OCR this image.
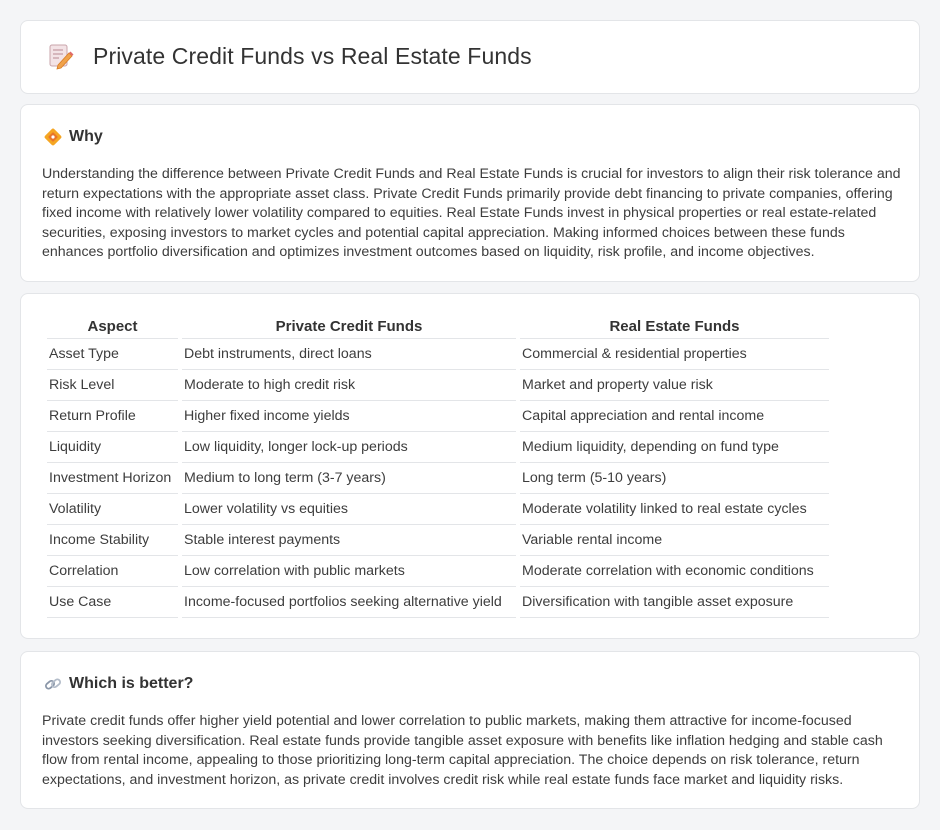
Private Credit Funds vs Real Estate Funds
Why

Understanding the difference between Private Credit Funds and Real Estate Funds is crucial for investors to align their risk tolerance and return expectations with the appropriate asset class. Private Credit Funds primarily provide debt financing to private companies, offering fixed income with relatively lower volatility compared to equities. Real Estate Funds invest in physical properties or real estate-related securities, exposing investors to market cycles and potential capital appreciation. Making informed choices between these funds enhances portfolio diversification and optimizes investment outcomes based on liquidity, risk profile, and income objectives.

Aspect	Private Credit Funds	Real Estate Funds
Asset Type	Debt instruments, direct loans	Commercial & residential properties
Risk Level	Moderate to high credit risk	Market and property value risk
Return Profile	Higher fixed income yields	Capital appreciation and rental income
Liquidity	Low liquidity, longer lock-up periods	Medium liquidity, depending on fund type
Investment Horizon	Medium to long term (3-7 years)	Long term (5-10 years)
Volatility	Lower volatility vs equities	Moderate volatility linked to real estate cycles
Income Stability	Stable interest payments	Variable rental income
Correlation	Low correlation with public markets	Moderate correlation with economic conditions
Use Case	Income-focused portfolios seeking alternative yield	Diversification with tangible asset exposure
Which is better?

Private credit funds offer higher yield potential and lower correlation to public markets, making them attractive for income-focused investors seeking diversification. Real estate funds provide tangible asset exposure with benefits like inflation hedging and stable cash flow from rental income, appealing to those prioritizing long-term capital appreciation. The choice depends on risk tolerance, return expectations, and investment horizon, as private credit involves credit risk while real estate funds face market and liquidity risks.
